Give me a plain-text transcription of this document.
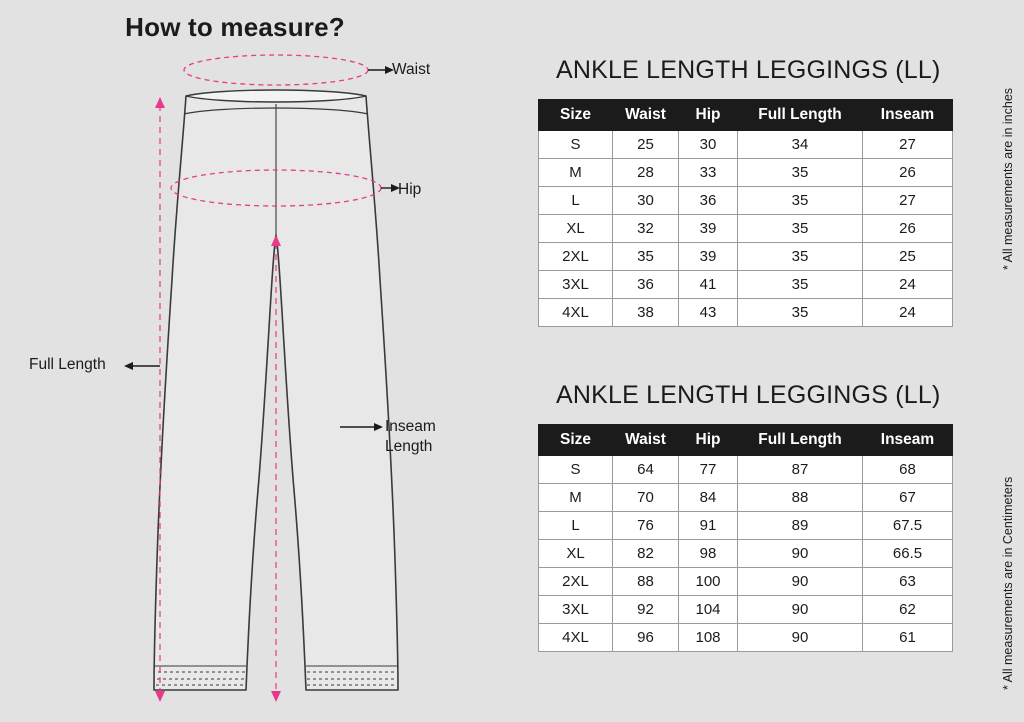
How to measure?
Waist
Hip
Inseam
Length
Full Length
ANKLE LENGTH LEGGINGS (LL)
Size	Waist	Hip	Full Length	Inseam
S	25	30	34	27
M	28	33	35	26
L	30	36	35	27
XL	32	39	35	26
2XL	35	39	35	25
3XL	36	41	35	24
4XL	38	43	35	24
ANKLE LENGTH LEGGINGS (LL)
Size	Waist	Hip	Full Length	Inseam
S	64	77	87	68
M	70	84	88	67
L	76	91	89	67.5
XL	82	98	90	66.5
2XL	88	100	90	63
3XL	92	104	90	62
4XL	96	108	90	61
* All measurements are in inches
* All measurements are in Centimeters
